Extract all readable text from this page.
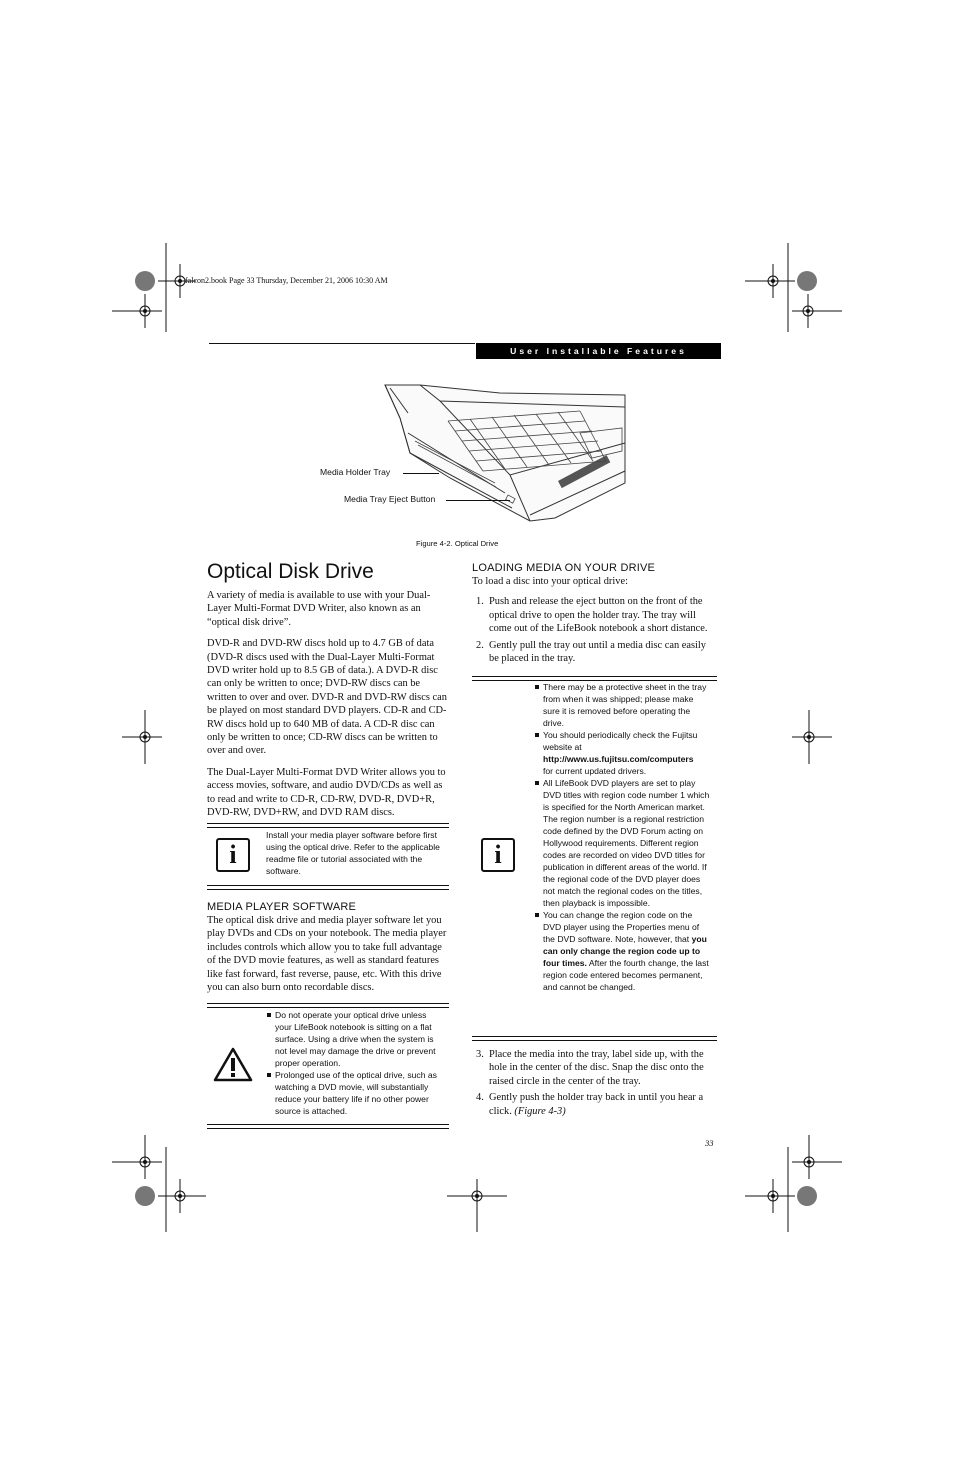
falcon2.book Page 33 Thursday, December 21, 2006 10:30 AM
User Installable Features
Media Holder Tray
Media Tray Eject Button
Figure 4-2. Optical Drive
Optical Disk Drive

A variety of media is available to use with your Dual-Layer Multi-Format DVD Writer, also known as an “optical disk drive”.

DVD-R and DVD-RW discs hold up to 4.7 GB of data (DVD-R discs used with the Dual-Layer Multi-Format DVD writer hold up to 8.5 GB of data.). A DVD-R disc can only be written to once; DVD-RW discs can be written to over and over. DVD-R and DVD-RW discs can be played on most standard DVD players. CD-R and CD-RW discs hold up to 640 MB of data. A CD-R disc can only be written to once; CD-RW discs can be written to over and over.

The Dual-Layer Multi-Format DVD Writer allows you to access movies, software, and audio DVD/CDs as well as to read and write to CD-R, CD-RW, DVD-R, DVD+R, DVD-RW, DVD+RW, and DVD RAM discs.

i
Install your media player software before first using the optical drive. Refer to the applicable readme file or tutorial associated with the software.
MEDIA PLAYER SOFTWARE

The optical disk drive and media player software let you play DVDs and CDs on your notebook. The media player includes controls which allow you to take full advantage of the DVD movie features, as well as standard features like fast forward, fast reverse, pause, etc. With this drive you can also burn onto recordable discs.

Do not operate your optical drive unless your LifeBook notebook is sitting on a flat surface. Using a drive when the system is not level may damage the drive or prevent proper operation.
Prolonged use of the optical drive, such as watching a DVD movie, will substantially reduce your battery life if no other power source is attached.
LOADING MEDIA ON YOUR DRIVE

To load a disc into your optical drive:

1. Push and release the eject button on the front of the optical drive to open the holder tray. The tray will come out of the LifeBook notebook a short distance.
2. Gently pull the tray out until a media disc can easily be placed in the tray.
i
There may be a protective sheet in the tray from when it was shipped; please make sure it is removed before operating the drive.
You should periodically check the Fujitsu website at
http://www.us.fujitsu.com/computers
for current updated drivers.
All LifeBook DVD players are set to play DVD titles with region code number 1 which is specified for the North American market. The region number is a regional restriction code defined by the DVD Forum acting on Hollywood requirements. Different region codes are recorded on video DVD titles for publication in different areas of the world. If the regional code of the DVD player does not match the regional codes on the titles, then playback is impossible.
You can change the region code on the DVD player using the Properties menu of the DVD software. Note, however, that you can only change the region code up to four times. After the fourth change, the last region code entered becomes permanent, and cannot be changed.
3. Place the media into the tray, label side up, with the hole in the center of the disc. Snap the disc onto the raised circle in the center of the tray.
4. Gently push the holder tray back in until you hear a click. (Figure 4-3)
33
